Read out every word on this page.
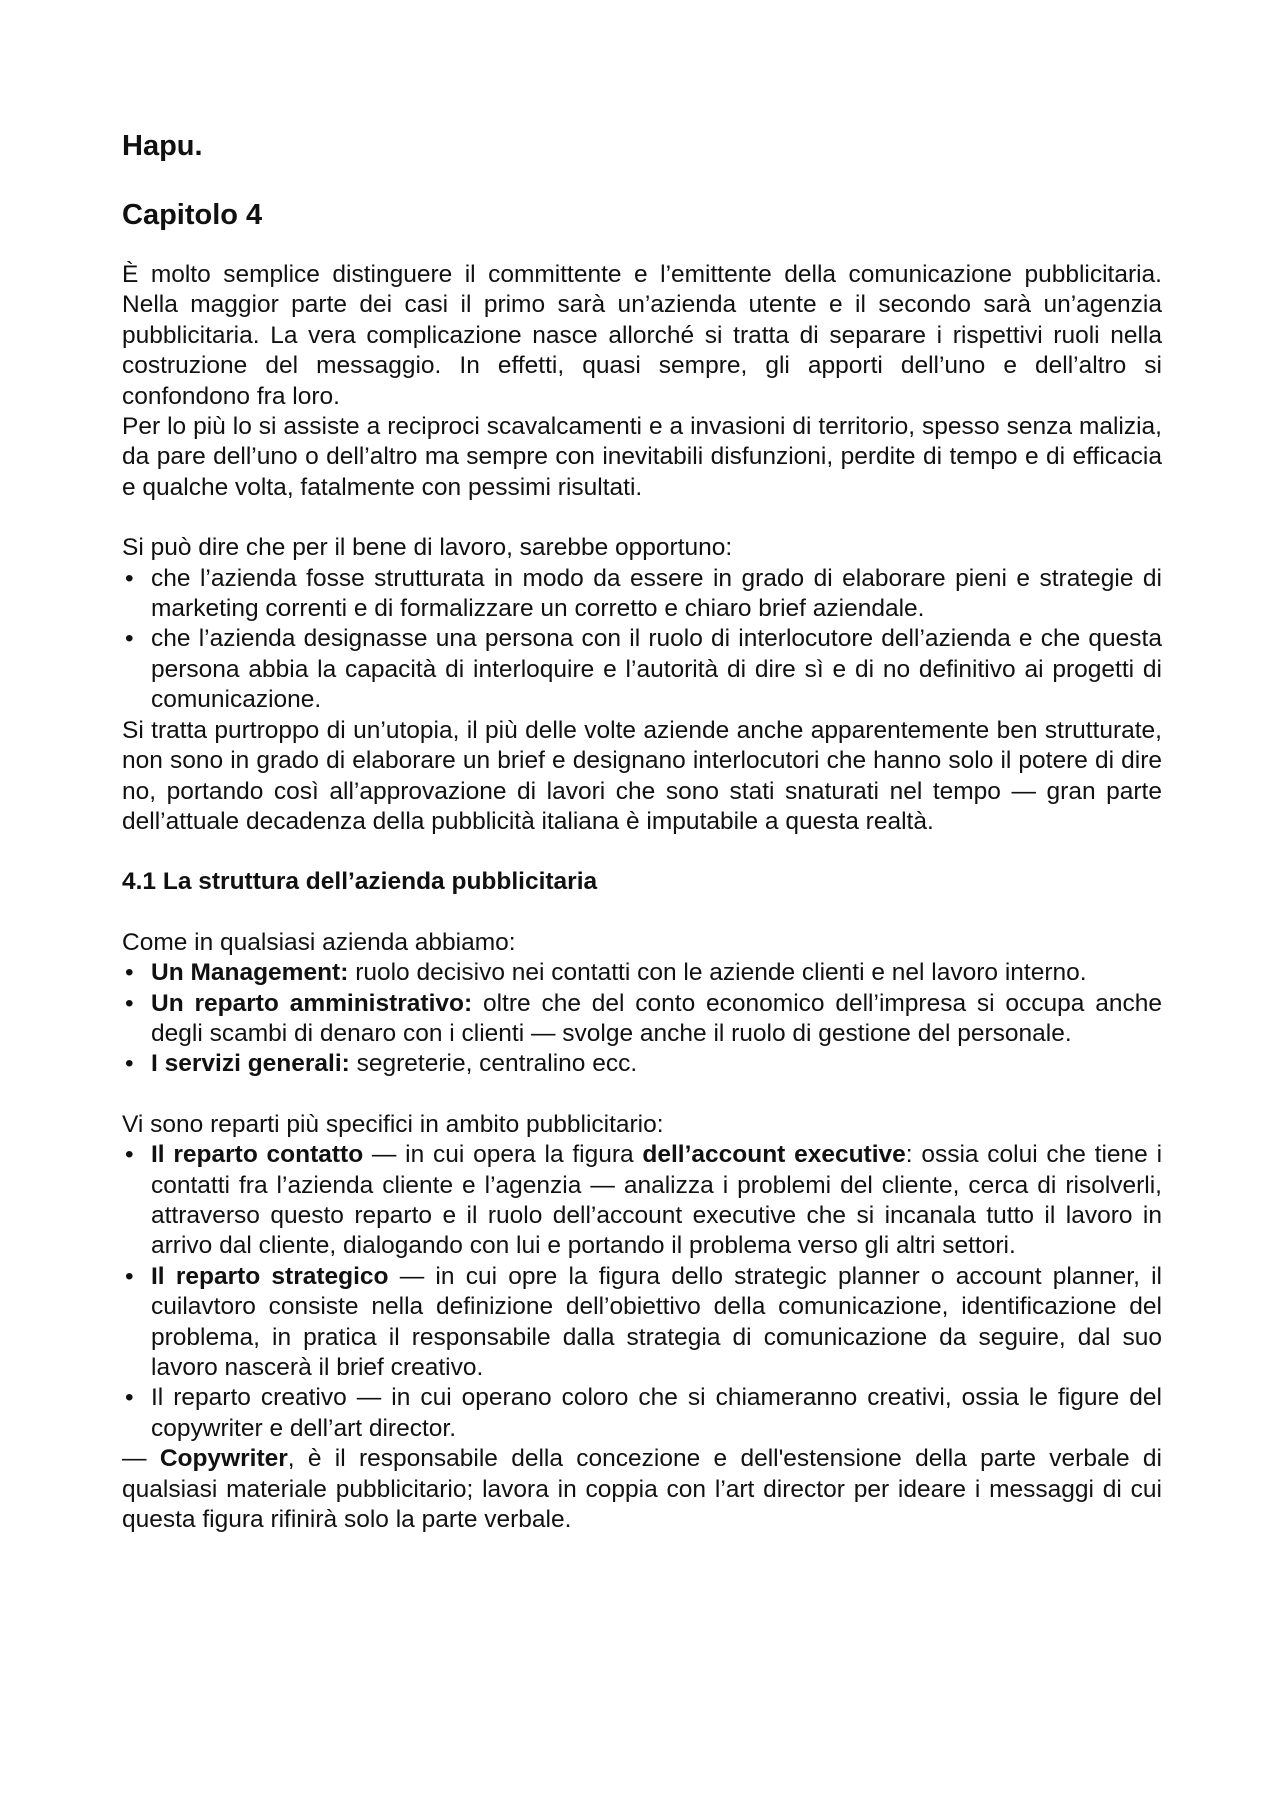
Hapu.
Capitolo 4

È molto semplice distinguere il committente e l’emittente della comunicazione pubblicitaria. Nella maggior parte dei casi il primo sarà un’azienda utente e il secondo sarà un’agenzia pubblicitaria. La vera complicazione nasce allorché si tratta di separare i rispettivi ruoli nella costruzione del messaggio. In effetti, quasi sempre, gli apporti dell’uno e dell’altro si confondono fra loro.

Per lo più lo si assiste a reciproci scavalcamenti e a invasioni di territorio, spesso senza malizia, da pare dell’uno o dell’altro ma sempre con inevitabili disfunzioni, perdite di tempo e di efficacia e qualche volta, fatalmente con pessimi risultati.

Si può dire che per il bene di lavoro, sarebbe opportuno:

• che l’azienda fosse strutturata in modo da essere in grado di elaborare pieni e strategie di marketing correnti e di formalizzare un corretto e chiaro brief aziendale.
• che l’azienda designasse una persona con il ruolo di interlocutore dell’azienda e che questa persona abbia la capacità di interloquire e l’autorità di dire sì e di no definitivo ai progetti di comunicazione.

Si tratta purtroppo di un’utopia, il più delle volte aziende anche apparentemente ben strutturate, non sono in grado di elaborare un brief e designano interlocutori che hanno solo il potere di dire no, portando così all’approvazione di lavori che sono stati snaturati nel tempo — gran parte dell’attuale decadenza della pubblicità italiana è imputabile a questa realtà.

4.1 La struttura dell’azienda pubblicitaria

Come in qualsiasi azienda abbiamo:

• Un Management: ruolo decisivo nei contatti con le aziende clienti e nel lavoro interno.
• Un reparto amministrativo: oltre che del conto economico dell’impresa si occupa anche degli scambi di denaro con i clienti — svolge anche il ruolo di gestione del personale.
• I servizi generali: segreterie, centralino ecc.

Vi sono reparti più specifici in ambito pubblicitario:

• Il reparto contatto — in cui opera la figura dell’account executive: ossia colui che tiene i contatti fra l’azienda cliente e l’agenzia — analizza i problemi del cliente, cerca di risolverli, attraverso questo reparto e il ruolo dell’account executive che si incanala tutto il lavoro in arrivo dal cliente, dialogando con lui e portando il problema verso gli altri settori.
• Il reparto strategico — in cui opre la figura dello strategic planner o account planner, il cuilavtoro consiste nella definizione dell’obiettivo della comunicazione, identificazione del problema, in pratica il responsabile dalla strategia di comunicazione da seguire, dal suo lavoro nascerà il brief creativo.
• Il reparto creativo — in cui operano coloro che si chiameranno creativi, ossia le figure del copywriter e dell’art director.

— Copywriter, è il responsabile della concezione e dell'estensione della parte verbale di qualsiasi materiale pubblicitario; lavora in coppia con l’art director per ideare i messaggi di cui questa figura rifinirà solo la parte verbale.
